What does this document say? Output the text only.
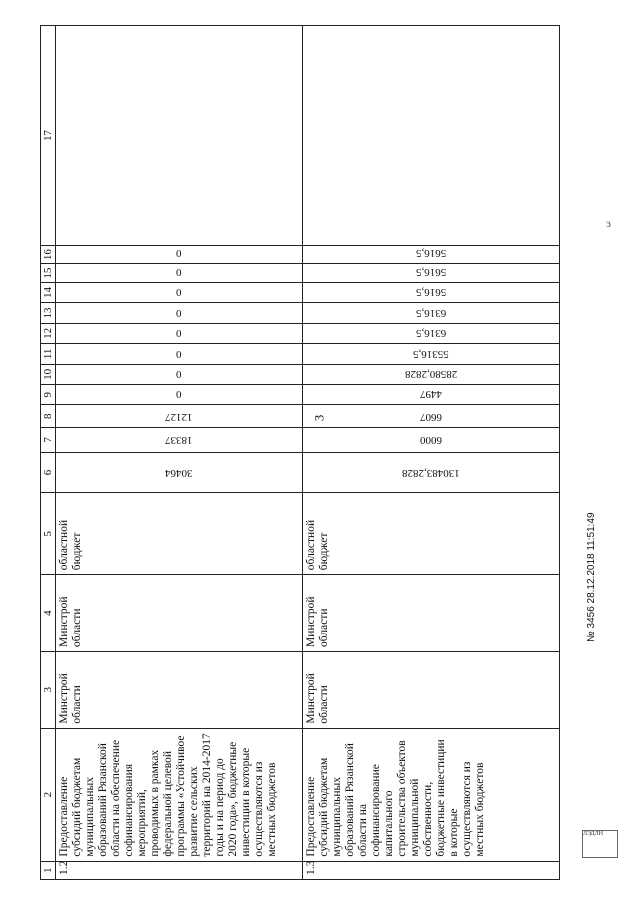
3
1	2	3	4	5	6	7	8	9	10	11	12	13	14	15	16	17
1.2	Предоставление субсидий бюджетам муниципальных образований Рязанской области на обеспечение софинансирования мероприятий, проводимых в рамках федеральной целевой программы «Устойчивое развитие сельских территорий на 2014-2017 годы и на период до 2020 года», бюджетные инвестиции в которые осуществляются из местных бюджетов	Минстрой области	Минстрой области	областной бюджет	30464	18337	12127	0	0	0	0	0	0	0	0	

1.3	Предоставление субсидий бюджетам муниципальных образований Рязанской области на софинансирование капитального строительства объектов муниципальной собственности, бюджетные инвестиции в которые осуществляются из местных бюджетов	Минстрой области	Минстрой области	областной бюджет	130483,2828	6000	6607	4497	28580,2828	55316,5	6316,5	6316,5	5616,5	5616,5	5616,5	

№ 3456 28.12.2018 11:51:49
ЛЭДЛН
ɜ
